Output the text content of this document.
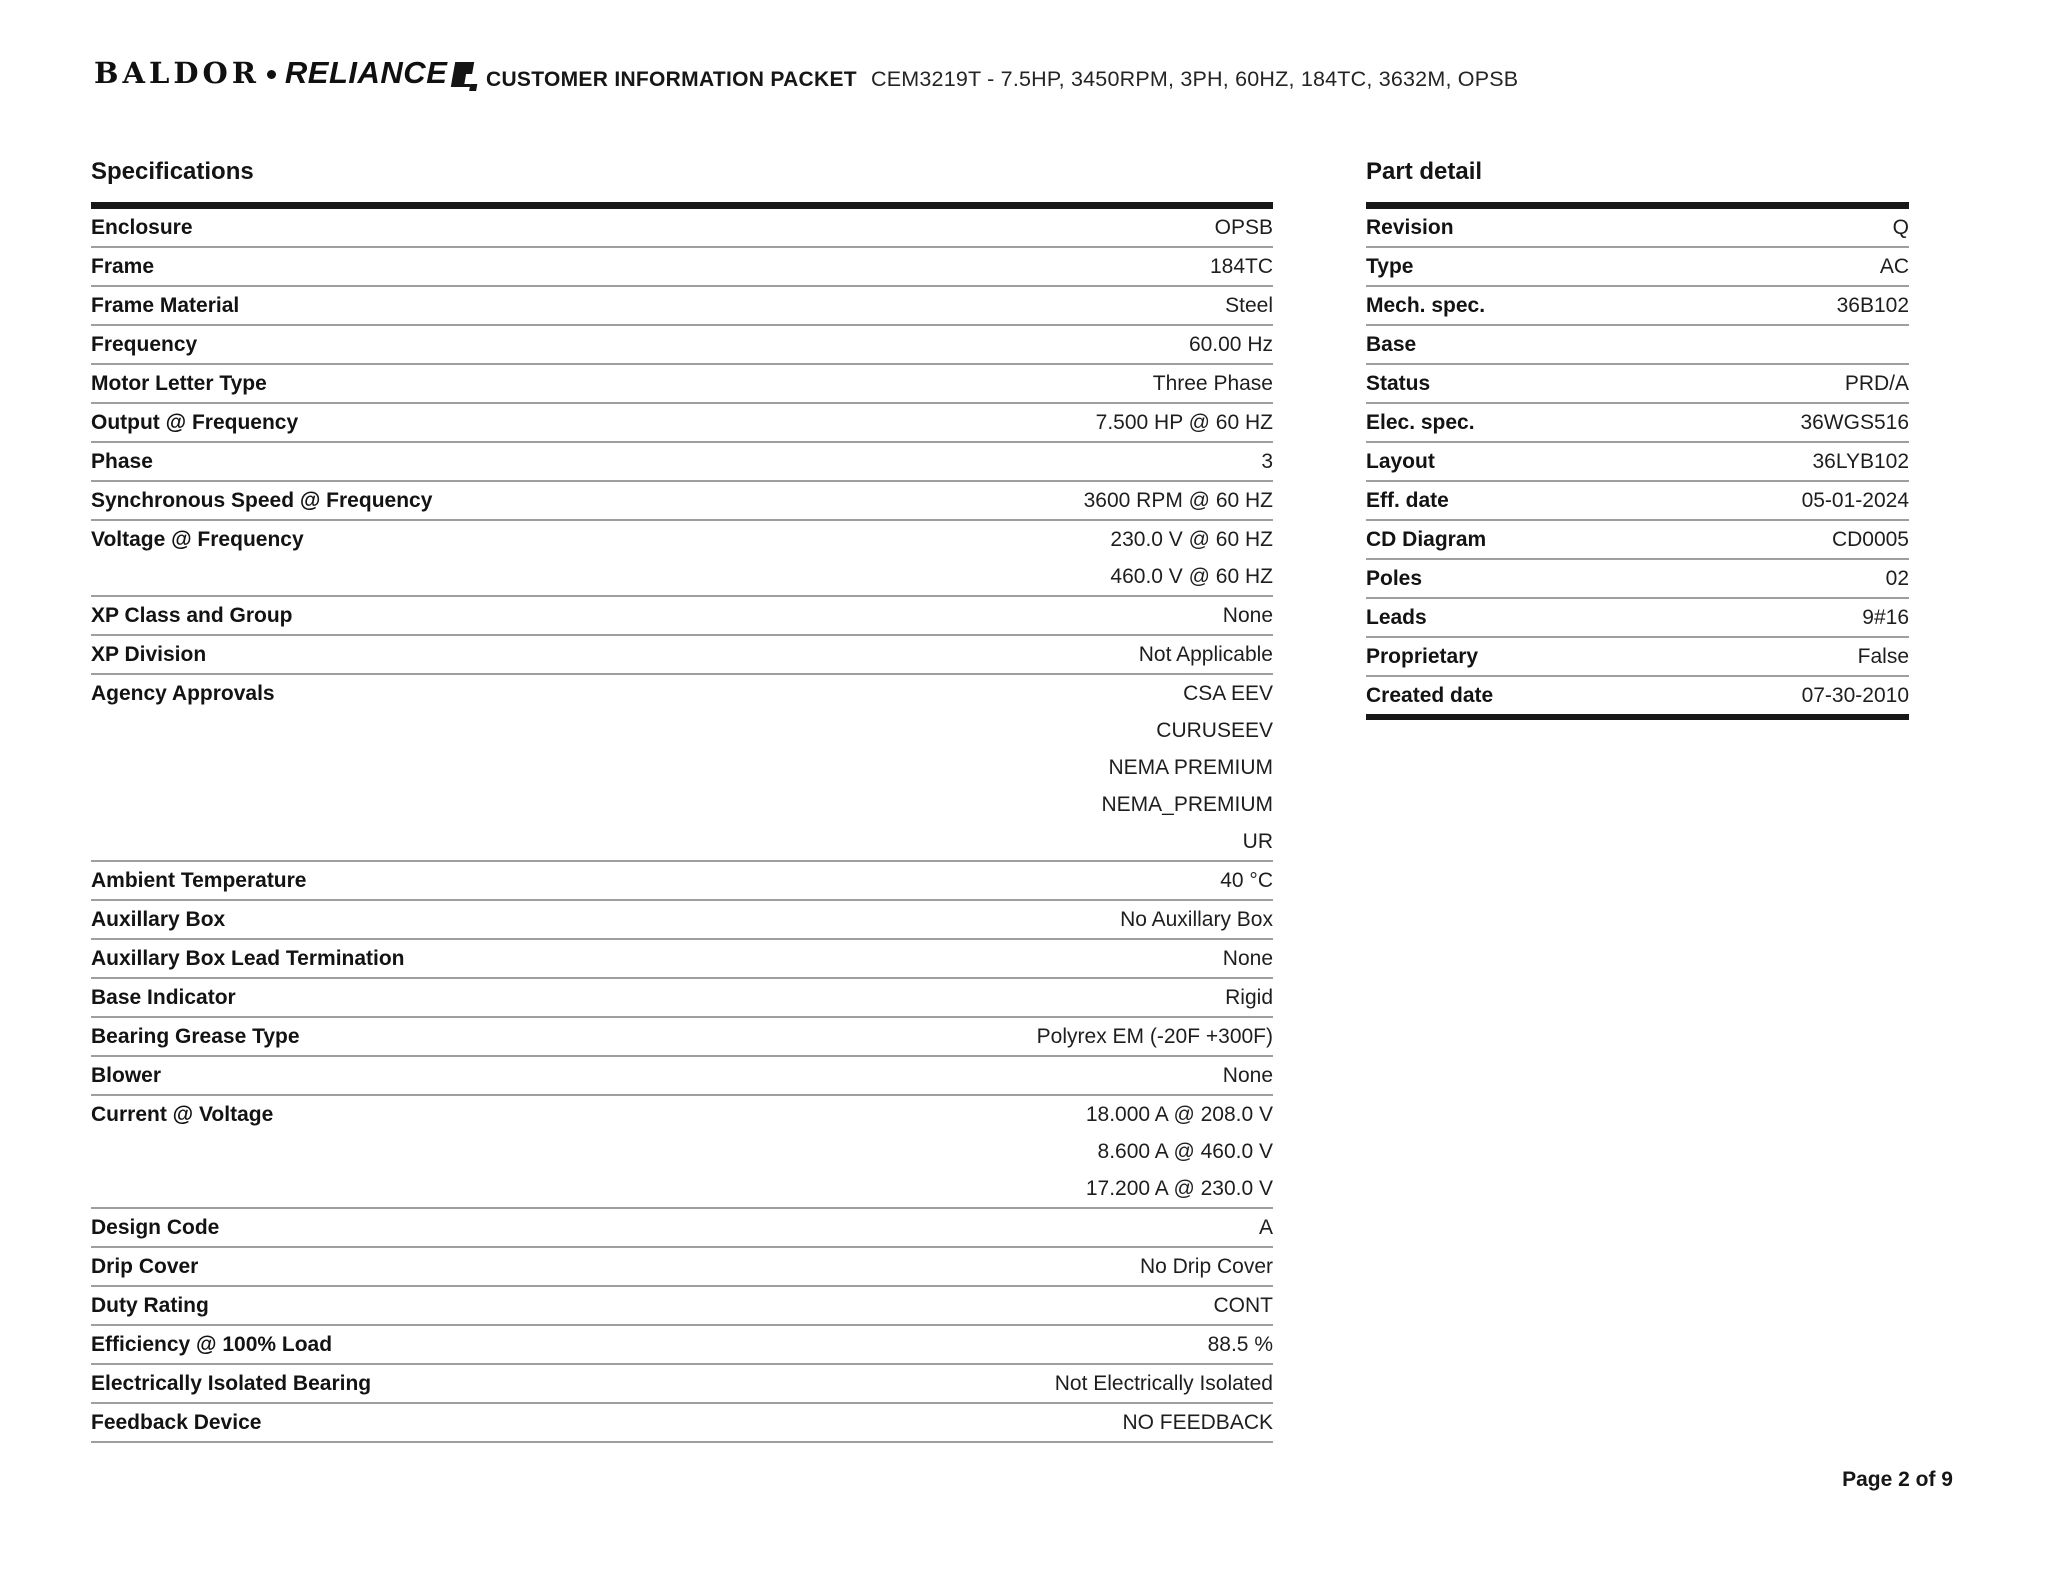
BALDOR RELIANCE CUSTOMER INFORMATION PACKET CEM3219T - 7.5HP, 3450RPM, 3PH, 60HZ, 184TC, 3632M, OPSB
Specifications
Enclosure	OPSB
Frame	184TC
Frame Material	Steel
Frequency	60.00 Hz
Motor Letter Type	Three Phase
Output @ Frequency	7.500 HP @ 60 HZ
Phase	3
Synchronous Speed @ Frequency	3600 RPM @ 60 HZ
Voltage @ Frequency	230.0 V @ 60 HZ
460.0 V @ 60 HZ
XP Class and Group	None
XP Division	Not Applicable
Agency Approvals	CSA EEV
CURUSEEV
NEMA PREMIUM
NEMA_PREMIUM
UR
Ambient Temperature	40 °C
Auxillary Box	No Auxillary Box
Auxillary Box Lead Termination	None
Base Indicator	Rigid
Bearing Grease Type	Polyrex EM (-20F +300F)
Blower	None
Current @ Voltage	18.000 A @ 208.0 V
8.600 A @ 460.0 V
17.200 A @ 230.0 V
Design Code	A
Drip Cover	No Drip Cover
Duty Rating	CONT
Efficiency @ 100% Load	88.5 %
Electrically Isolated Bearing	Not Electrically Isolated
Feedback Device	NO FEEDBACK
Part detail
Revision	Q
Type	AC
Mech. spec.	36B102
Base
Status	PRD/A
Elec. spec.	36WGS516
Layout	36LYB102
Eff. date	05-01-2024
CD Diagram	CD0005
Poles	02
Leads	9#16
Proprietary	False
Created date	07-30-2010
Page 2 of 9
